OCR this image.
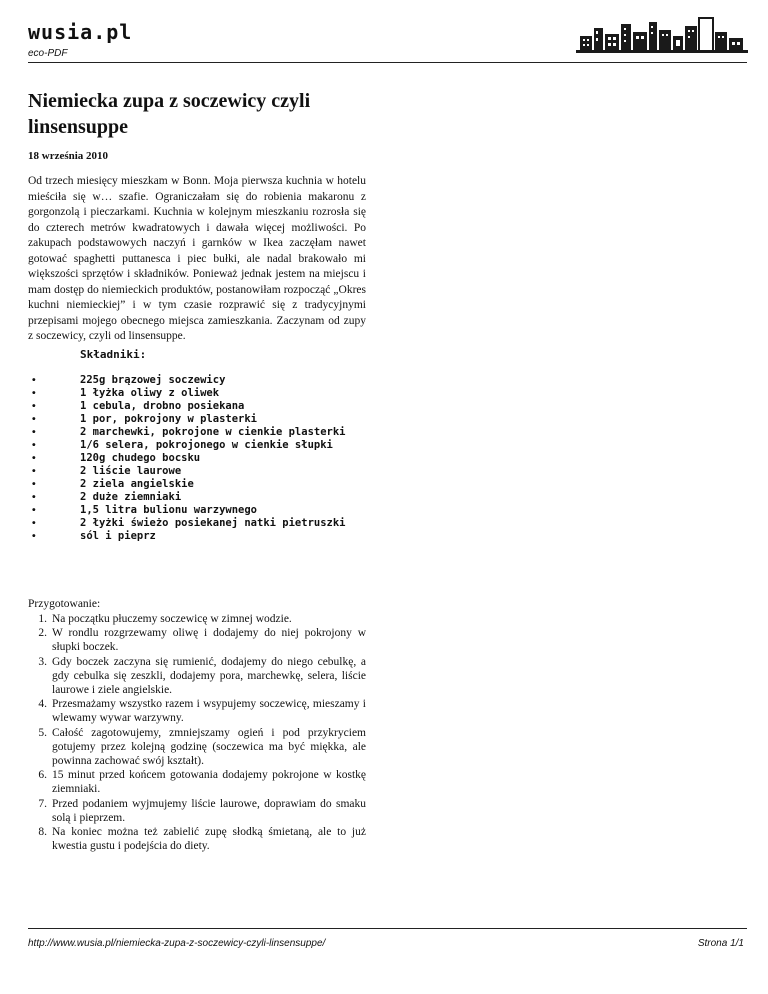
wusia.pl
eco-PDF
Niemiecka zupa z soczewicy czyli linsensuppe
18 września 2010

Od trzech miesięcy mieszkam w Bonn. Moja pierwsza kuchnia w hotelu mieściła się w… szafie. Ograniczałam się do robienia makaronu z gorgonzolą i pieczarkami. Kuchnia w kolejnym mieszkaniu rozrosła się do czterech metrów kwadratowych i dawała więcej możliwości. Po zakupach podstawowych naczyń i garnków w Ikea zaczęłam nawet gotować spaghetti puttanesca i piec bułki, ale nadal brakowało mi większości sprzętów i składników. Ponieważ jednak jestem na miejscu i mam dostęp do niemieckich produktów, postanowiłam rozpocząć „Okres kuchni niemieckiej” i w tym czasie rozprawić się z tradycyjnymi przepisami mojego obecnego miejsca zamieszkania. Zaczynam od zupy z soczewicy, czyli od linsensuppe.

Składniki:
• 225g brązowej soczewicy
• 1 łyżka oliwy z oliwek
• 1 cebula, drobno posiekana
• 1 por, pokrojony w plasterki
• 2 marchewki, pokrojone w cienkie plasterki
• 1/6 selera, pokrojonego w cienkie słupki
• 120g chudego bocsku
• 2 liście laurowe
• 2 ziela angielskie
• 2 duże ziemniaki
• 1,5 litra bulionu warzywnego
• 2 łyżki świeżo posiekanej natki pietruszki
• sól i pieprz
Przygotowanie:
1. Na początku płuczemy soczewicę w zimnej wodzie.
2. W rondlu rozgrzewamy oliwę i dodajemy do niej pokrojony w słupki boczek.
3. Gdy boczek zaczyna się rumienić, dodajemy do niego cebulkę, a gdy cebulka się zeszkli, dodajemy pora, marchewkę, selera, liście laurowe i ziele angielskie.
4. Przesmażamy wszystko razem i wsypujemy soczewicę, mieszamy i wlewamy wywar warzywny.
5. Całość zagotowujemy, zmniejszamy ogień i pod przykryciem gotujemy przez kolejną godzinę (soczewica ma być miękka, ale powinna zachować swój kształt).
6. 15 minut przed końcem gotowania dodajemy pokrojone w kostkę ziemniaki.
7. Przed podaniem wyjmujemy liście laurowe, doprawiam do smaku solą i pieprzem.
8. Na koniec można też zabielić zupę słodką śmietaną, ale to już kwestia gustu i podejścia do diety.
http://www.wusia.pl/niemiecka-zupa-z-soczewicy-czyli-linsensuppe/	Strona 1/1
